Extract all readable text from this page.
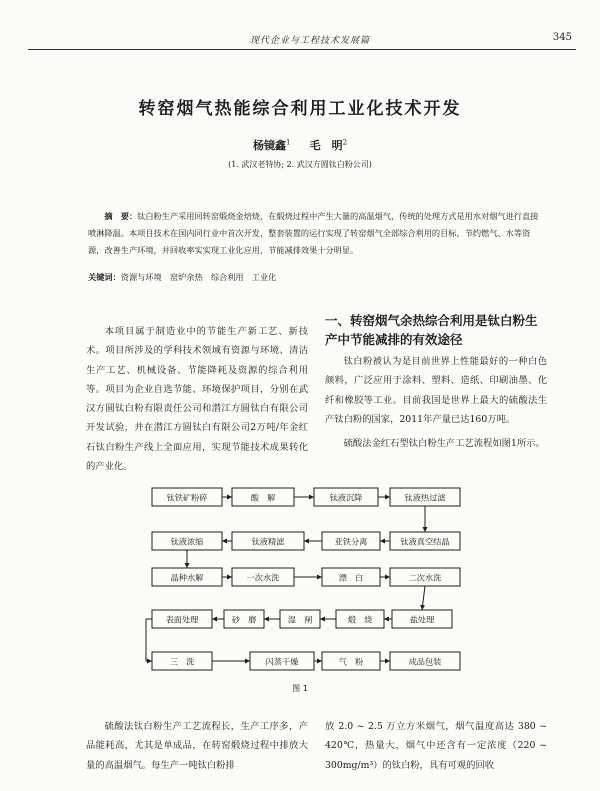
现代企业与工程技术发展篇	345
转窑烟气热能综合利用工业化技术开发
杨镜鑫$^1$ 毛　明$^2$
(1. 武汉老特协; 2. 武汉方圆钛白粉公司)
摘　要：钛白粉生产采用回转窑煅烧金焙烧，在煅烧过程中产生大量的高温烟气，传统的处理方式是用水对烟气进行直接喷淋降温。本项目技术在国内同行业中首次开发，整套装置的运行实现了转窑烟气全部综合利用的目标，节约燃气、水等资源，改善生产环境，并回收率实实现工业化应用，节能减排效果十分明显。
关键词：资源与环境　窑炉余热　综合利用　工业化
本项目属于制造业中的节能生产新工艺、新技术。项目所涉及的学科技术领域有资源与环境、清洁生产工艺、机械设备、节能降耗及资源的综合利用等。项目为企业自选节能、环境保护项目，分别在武汉方圆钛白粉有限责任公司和潜江方圆钛白有限公司开发试验，并在潜江方圆钛白有限公司2万吨/年金红石钛白粉生产线上全面应用，实现节能技术成果转化的产业化。
一、转窑烟气余热综合利用是钛白粉生产中节能减排的有效途径

钛白粉被认为是目前世界上性能最好的一种白色颜料，广泛应用于涂料、塑料、造纸、印刷油墨、化纤和橡胶等工业。目前我国是世界上最大的硫酸法生产钛白粉的国家，2011年产量已达160万吨。

硫酸法金红石型钛白粉生产工艺流程如图1所示。

钛铁矿粉碎	酸　解	钛液沉降	钛液热过滤
钛液浓缩	钛液精滤	亚铁分离	钛液真空结晶
晶种水解	一次水洗	漂　白	二次水洗
表面处理	砂　磨	湿　闸	煅　烧	盐处理
三　洗	闪蒸干燥	气　粉	成品包装
图 1
硫酸法钛白粉生产工艺流程长，生产工序多，产品能耗高，尤其是单成品，在转窑煅烧过程中排放大量的高温烟气。每生产一吨钛白粉排
放 2.0 ~ 2.5 万立方米烟气，烟气温度高达 380 ~ 420℃，热量大，烟气中还含有一定浓度（220 ~ 300mg/m³）的钛白粉，具有可观的回收
